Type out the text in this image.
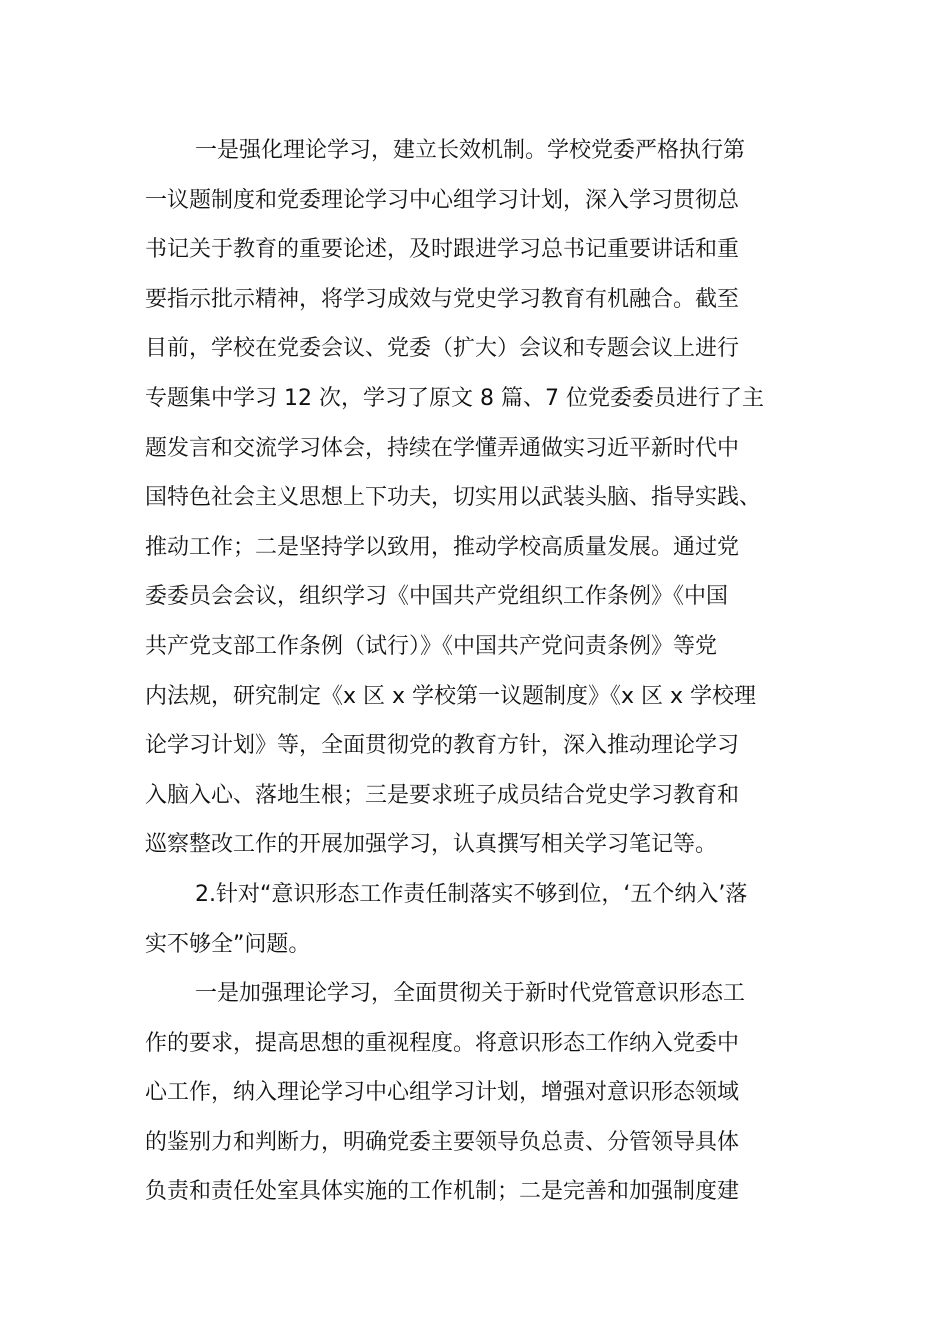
一是强化理论学习，建立长效机制。学校党委严格执行第
一议题制度和党委理论学习中心组学习计划，深入学习贯彻总
书记关于教育的重要论述，及时跟进学习总书记重要讲话和重
要指示批示精神，将学习成效与党史学习教育有机融合。截至
目前，学校在党委会议、党委（扩大）会议和专题会议上进行
专题集中学习 12 次，学习了原文 8 篇、7 位党委委员进行了主
题发言和交流学习体会，持续在学懂弄通做实习近平新时代中
国特色社会主义思想上下功夫，切实用以武装头脑、指导实践、
推动工作；二是坚持学以致用，推动学校高质量发展。通过党
委委员会会议，组织学习《中国共产党组织工作条例》《中国
共产党支部工作条例（试行）》《中国共产党问责条例》等党
内法规，研究制定《x 区 x 学校第一议题制度》《x 区 x 学校理
论学习计划》等，全面贯彻党的教育方针，深入推动理论学习
入脑入心、落地生根；三是要求班子成员结合党史学习教育和
巡察整改工作的开展加强学习，认真撰写相关学习笔记等。
2.针对“意识形态工作责任制落实不够到位，‘五个纳入’落
实不够全”问题。
一是加强理论学习，全面贯彻关于新时代党管意识形态工
作的要求，提高思想的重视程度。将意识形态工作纳入党委中
心工作，纳入理论学习中心组学习计划，增强对意识形态领域
的鉴别力和判断力，明确党委主要领导负总责、分管领导具体
负责和责任处室具体实施的工作机制；二是完善和加强制度建
